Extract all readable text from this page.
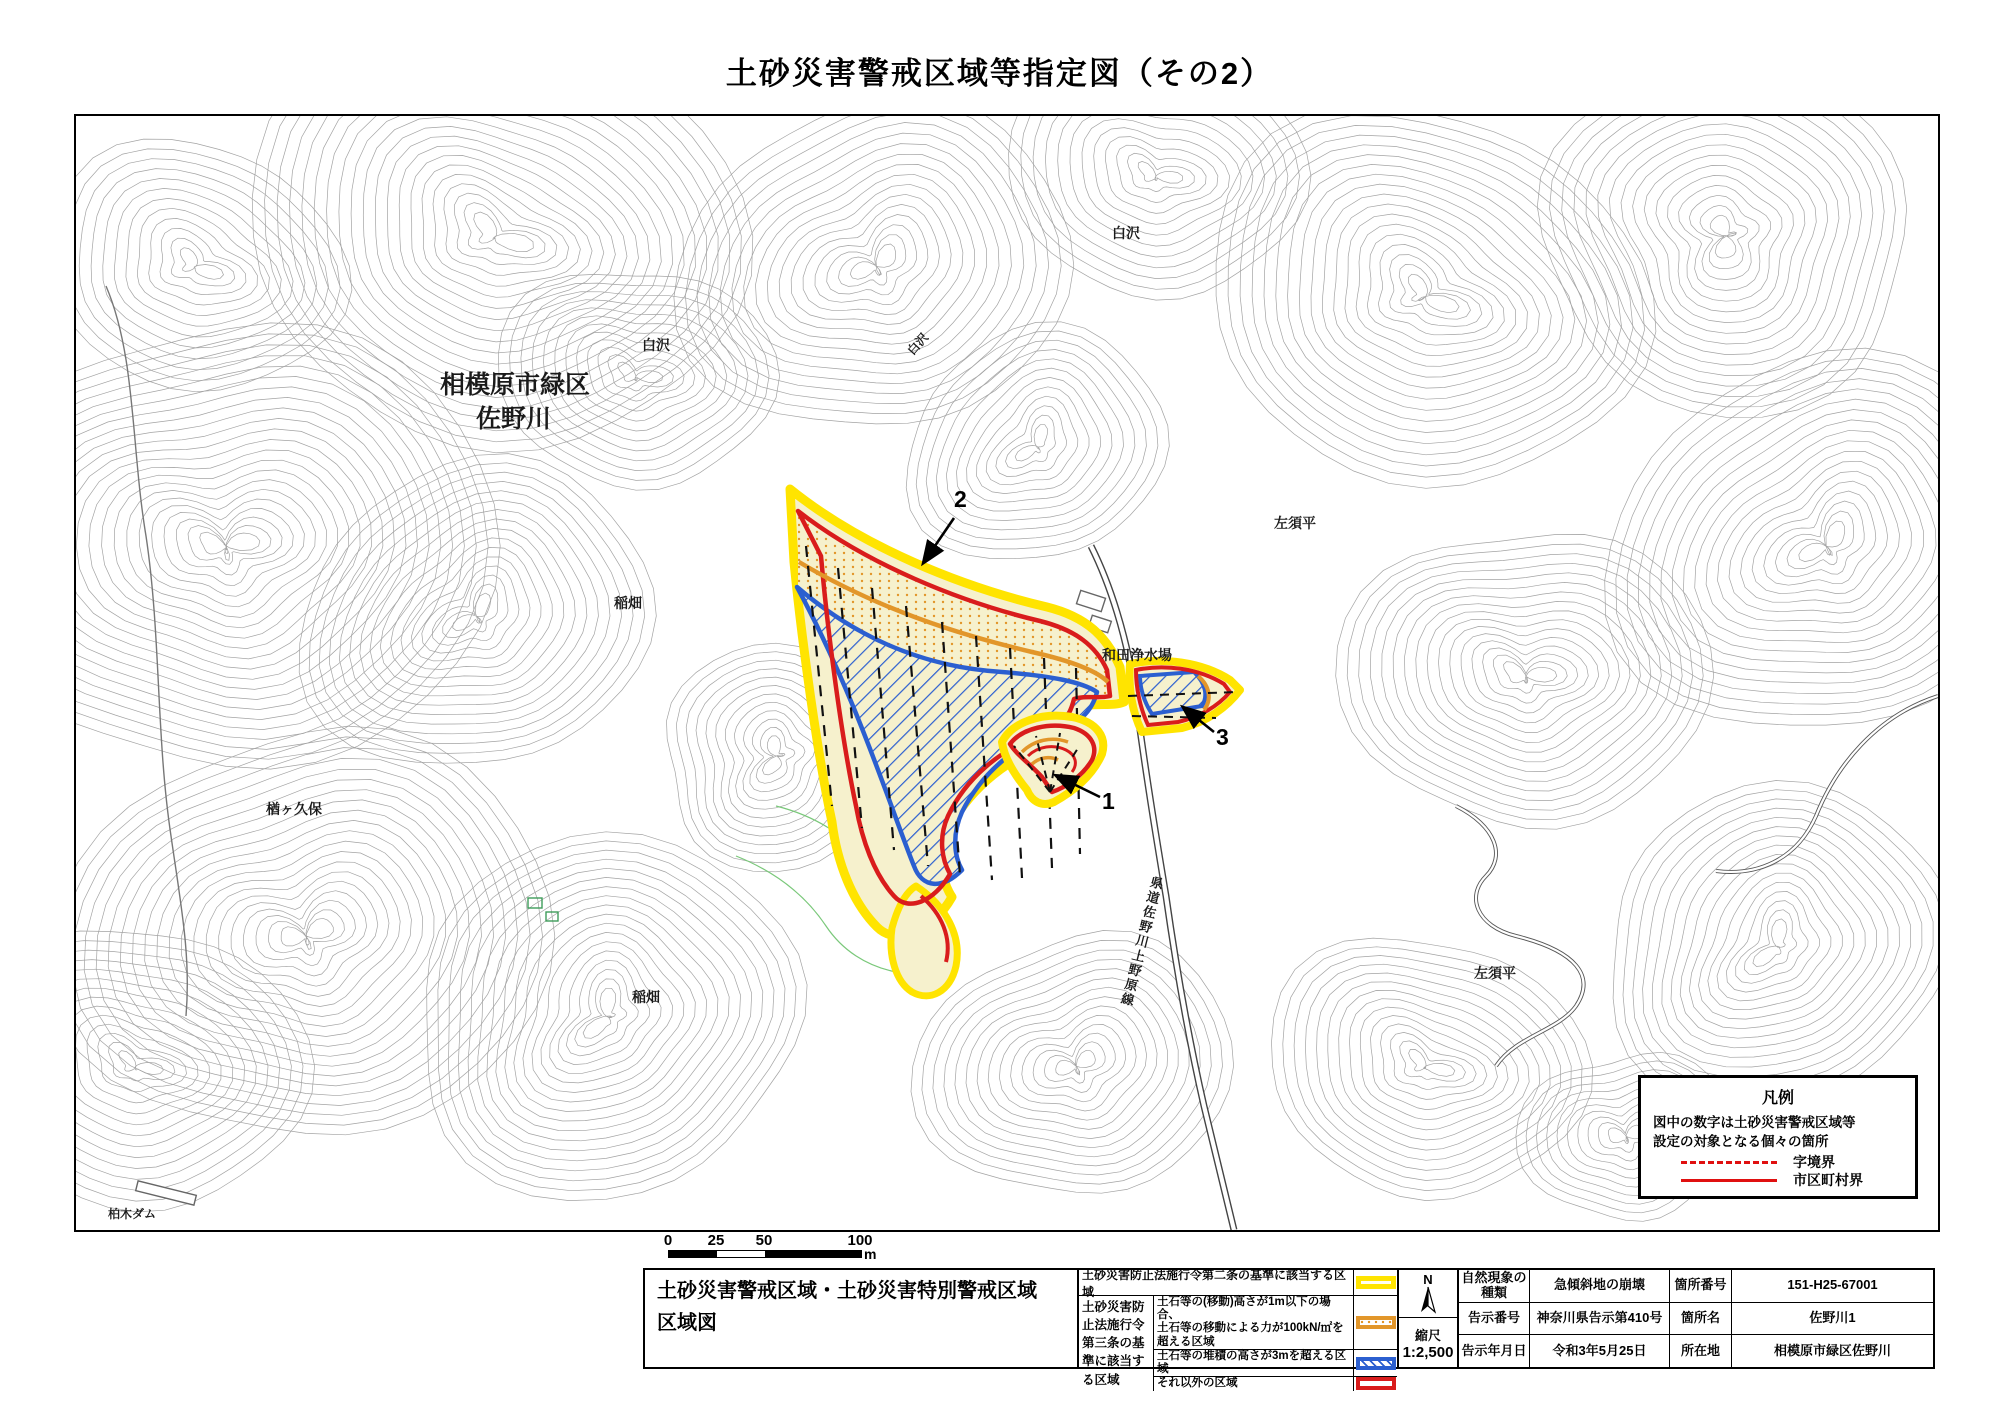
土砂災害警戒区域等指定図（その2）
2
3
1
白沢
白沢
白沢
相模原市緑区
佐野川
左須平
稲畑
和田浄水場
楢ヶ久保
左須平
稲畑
柏木ダム
県道佐野川上野原線
凡例
図中の数字は土砂災害警戒区域等
設定の対象となる個々の箇所
字境界
市区町村界
0	25	50	100
m
土砂災害警戒区域・土砂災害特別警戒区域
区域図
土砂災害防止法施行令第二条の基準に該当する区域
土砂災害防止法施行令第三条の基準に該当する区域
土石等の(移動)高さが1m以下の場合、
土石等の移動による力が100kN/㎡を超える区域
土石等の堆積の高さが3mを超える区域
それ以外の区域
N
縮尺
1:2,500
自然現象の種類	急傾斜地の崩壊	箇所番号	151-H25-67001
告示番号	神奈川県告示第410号	箇所名	佐野川1
告示年月日	令和3年5月25日	所在地	相模原市緑区佐野川
